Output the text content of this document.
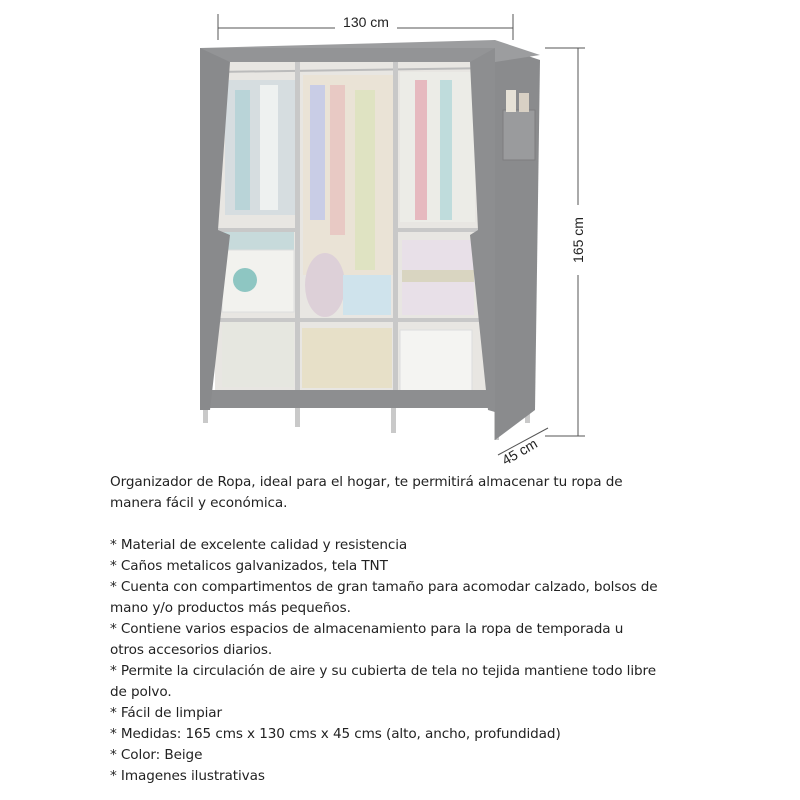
130 cm
165 cm
45 cm

Organizador de Ropa, ideal para el hogar, te permitirá almacenar tu ropa de

manera fácil y económica.

* Material de excelente calidad y resistencia

* Caños metalicos galvanizados, tela TNT

* Cuenta con compartimentos de gran tamaño para acomodar calzado, bolsos de

mano y/o productos más pequeños.

* Contiene varios espacios de almacenamiento para la ropa de temporada u

otros accesorios diarios.

* Permite la circulación de aire y su cubierta de tela no tejida mantiene todo libre

de polvo.

* Fácil de limpiar

* Medidas: 165 cms x 130 cms x 45 cms (alto, ancho, profundidad)

* Color: Beige

* Imagenes ilustrativas
